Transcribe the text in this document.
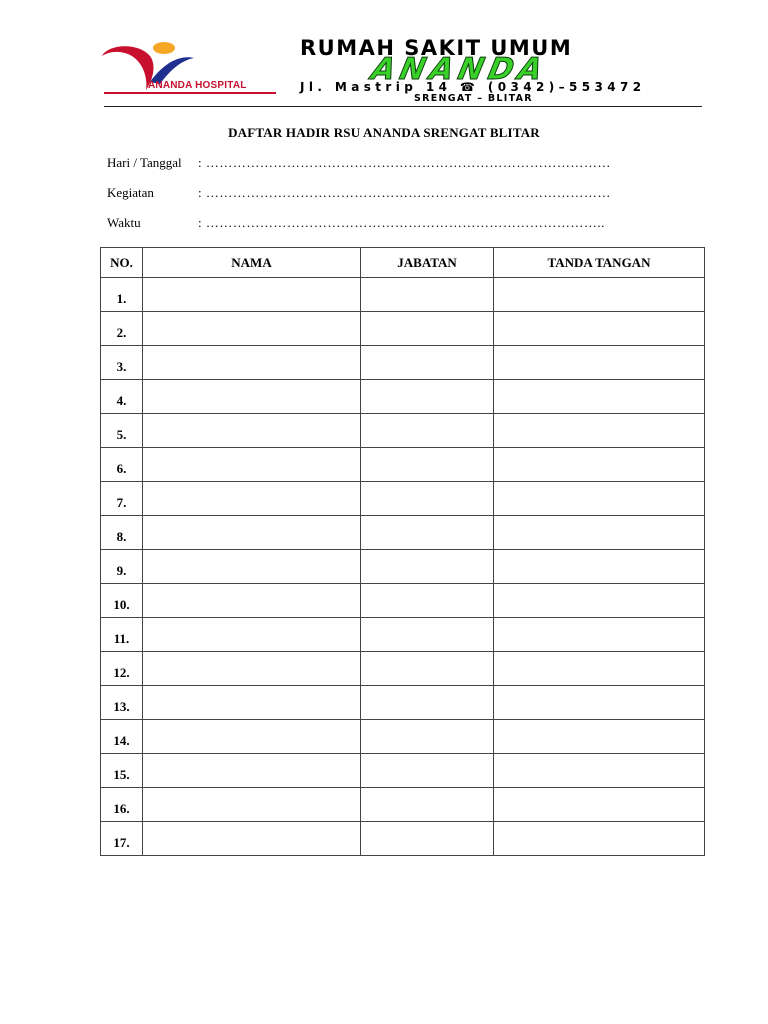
ANANDA HOSPITAL
RUMAH SAKIT UMUM
ANANDA
Jl. Mastrip 14 ☎ (0342)–553472
SRENGAT – BLITAR
DAFTAR HADIR RSU ANANDA SRENGAT BLITAR
Hari / Tanggal : ………………………………………………………………………………
Kegiatan	: ………………………………………………………………………………
Waktu	: ……………………………………………………………………………..
NO.	NAMA	JABATAN	TANDA TANGAN
1.			
2.			
3.			
4.			
5.			
6.			
7.			
8.			
9.			
10.			
11.			
12.			
13.			
14.			
15.			
16.			
17.			
